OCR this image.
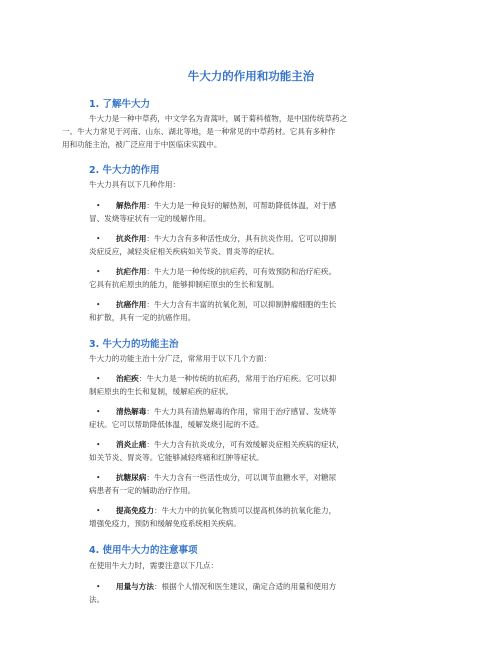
牛大力的作用和功能主治
1. 了解牛大力

牛大力是一种中草药，中文学名为青蒿叶，属于菊科植物，是中国传统草药之

一。牛大力常见于河南、山东、湖北等地，是一种常见的中草药材。它具有多种作

用和功能主治，被广泛应用于中医临床实践中。

2. 牛大力的作用

牛大力具有以下几种作用：

• 解热作用：牛大力是一种良好的解热剂，可帮助降低体温，对于感

冒、发烧等症状有一定的缓解作用。

• 抗炎作用：牛大力含有多种活性成分，具有抗炎作用。它可以抑制

炎症反应，减轻炎症相关疾病如关节炎、胃炎等的症状。

• 抗疟作用：牛大力是一种传统的抗疟药，可有效预防和治疗疟疾。

它具有抗疟原虫的能力，能够抑制疟原虫的生长和复制。

• 抗癌作用：牛大力含有丰富的抗氧化剂，可以抑制肿瘤细胞的生长

和扩散，具有一定的抗癌作用。

3. 牛大力的功能主治

牛大力的功能主治十分广泛，常常用于以下几个方面：

• 治疟疾：牛大力是一种传统的抗疟药，常用于治疗疟疾。它可以抑

制疟原虫的生长和复制，缓解疟疾的症状。

• 清热解毒：牛大力具有清热解毒的作用，常用于治疗感冒、发烧等

症状。它可以帮助降低体温，缓解发烧引起的不适。

• 消炎止痛：牛大力含有抗炎成分，可有效缓解炎症相关疾病的症状，

如关节炎、胃炎等。它能够减轻疼痛和红肿等症状。

• 抗糖尿病：牛大力含有一些活性成分，可以调节血糖水平，对糖尿

病患者有一定的辅助治疗作用。

• 提高免疫力：牛大力中的抗氧化物质可以提高机体的抗氧化能力，

增强免疫力，预防和缓解免疫系统相关疾病。

4. 使用牛大力的注意事项

在使用牛大力时，需要注意以下几点：

• 用量与方法：根据个人情况和医生建议，确定合适的用量和使用方

法。
